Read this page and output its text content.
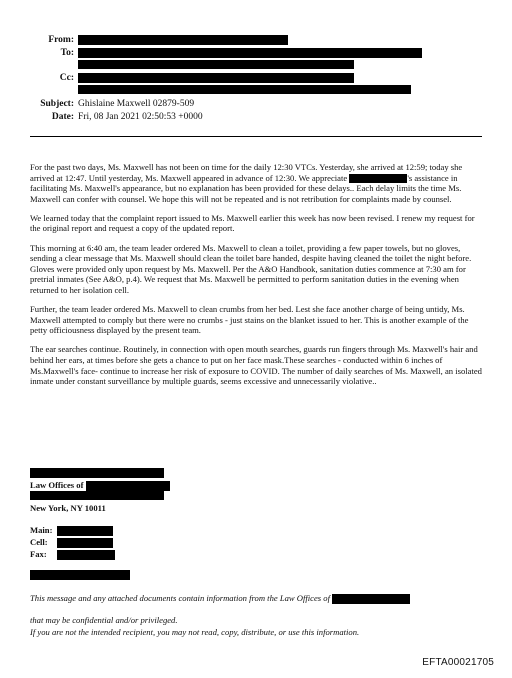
From:
To:
Cc:
Subject: Ghislaine Maxwell 02879-509
Date: Fri, 08 Jan 2021 02:50:53 +0000

For the past two days, Ms. Maxwell has not been on time for the daily 12:30 VTCs. Yesterday, she arrived at 12:59; today she arrived at 12:47. Until yesterday, Ms. Maxwell appeared in advance of 12:30. We appreciate	's assistance in facilitating Ms. Maxwell's appearance, but no explanation has been provided for these delays.. Each delay limits the time Ms. Maxwell can confer with counsel. We hope this will not be repeated and is not retribution for complaints made by counsel.

We learned today that the complaint report issued to Ms. Maxwell earlier this week has now been revised. I renew my request for the original report and request a copy of the updated report.

This morning at 6:40 am, the team leader ordered Ms. Maxwell to clean a toilet, providing a few paper towels, but no gloves, sending a clear message that Ms. Maxwell should clean the toilet bare handed, despite having cleaned the toilet the night before. Gloves were provided only upon request by Ms. Maxwell. Per the A&O Handbook, sanitation duties commence at 7:30 am for pretrial inmates (See A&O, p.4). We request that Ms. Maxwell be permitted to perform sanitation duties in the evening when returned to her isolation cell.

Further, the team leader ordered Ms. Maxwell to clean crumbs from her bed. Lest she face another charge of being untidy, Ms. Maxwell attempted to comply but there were no crumbs - just stains on the blanket issued to her. This is another example of the petty officiousness displayed by the present team.

The ear searches continue. Routinely, in connection with open mouth searches, guards run fingers through Ms. Maxwell's hair and behind her ears, at times before she gets a chance to put on her face mask.These searches - conducted within 6 inches of Ms.Maxwell's face- continue to increase her risk of exposure to COVID. The number of daily searches of Ms. Maxwell, an isolated inmate under constant surveillance by multiple guards, seems excessive and unnecessarily violative..

Law Offices of
New York, NY 10011
Main:
Cell:
Fax:
This message and any attached documents contain information from the Law Offices of
that may be confidential and/or privileged.
If you are not the intended recipient, you may not read, copy, distribute, or use this information.
EFTA00021705
